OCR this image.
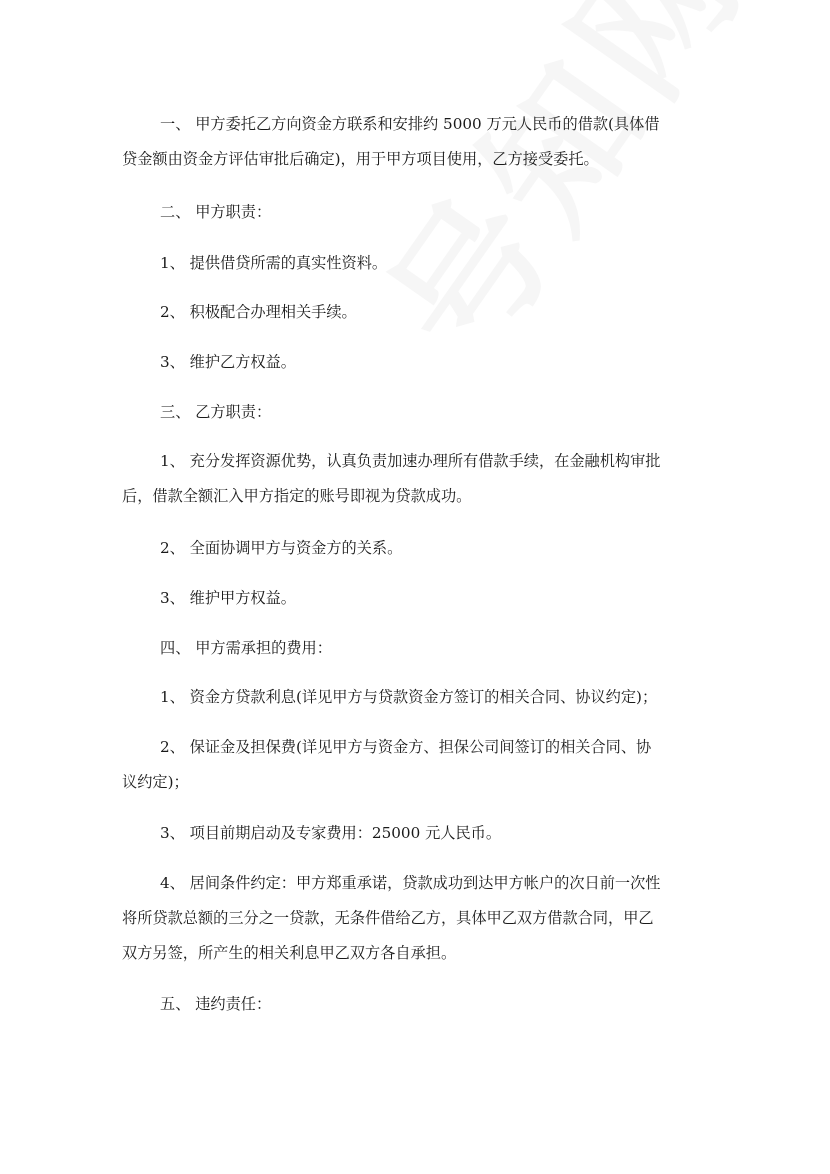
一、 甲方委托乙方向资金方联系和安排约 5000 万元人民币的借款(具体借
贷金额由资金方评估审批后确定)，用于甲方项目使用，乙方接受委托。
二、 甲方职责：
1、 提供借贷所需的真实性资料。
2、 积极配合办理相关手续。
3、 维护乙方权益。
三、 乙方职责：
1、 充分发挥资源优势，认真负责加速办理所有借款手续，在金融机构审批
后，借款全额汇入甲方指定的账号即视为贷款成功。
2、 全面协调甲方与资金方的关系。
3、 维护甲方权益。
四、 甲方需承担的费用：
1、 资金方贷款利息(详见甲方与贷款资金方签订的相关合同、协议约定)；
2、 保证金及担保费(详见甲方与资金方、担保公司间签订的相关合同、协
议约定)；
3、 项目前期启动及专家费用：25000 元人民币。
4、 居间条件约定：甲方郑重承诺，贷款成功到达甲方帐户的次日前一次性
将所贷款总额的三分之一贷款，无条件借给乙方，具体甲乙双方借款合同，甲乙
双方另签，所产生的相关利息甲乙双方各自承担。
五、 违约责任：
